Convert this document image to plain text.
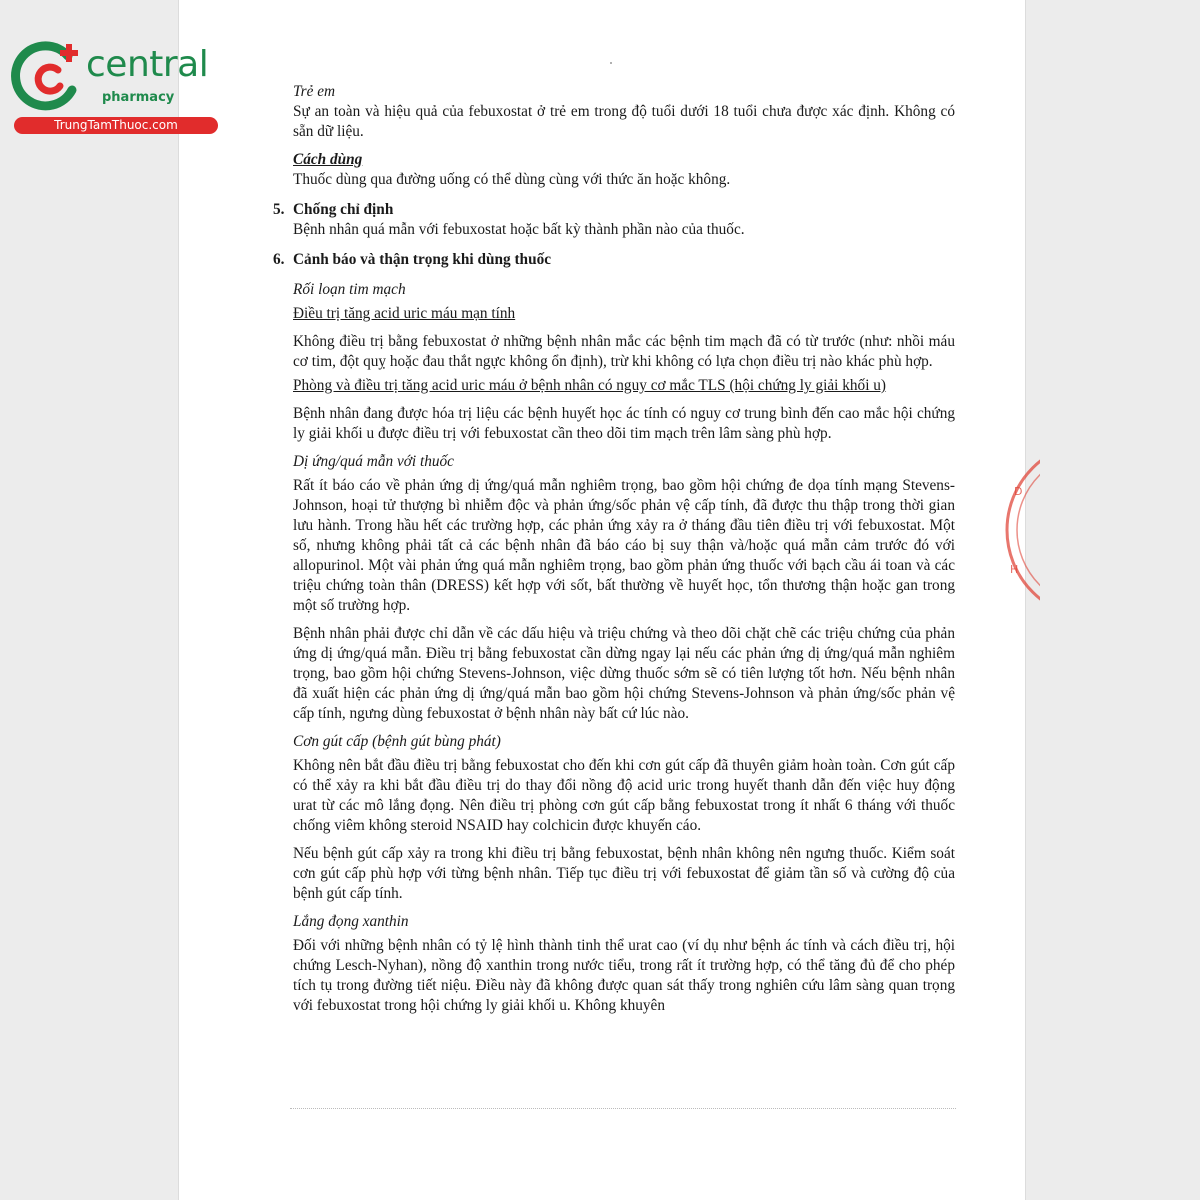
central
pharmacy
TrungTamThuoc.com

Trẻ em

Sự an toàn và hiệu quả của febuxostat ở trẻ em trong độ tuổi dưới 18 tuổi chưa được xác định. Không có sẵn dữ liệu.

Cách dùng

Thuốc dùng qua đường uống có thể dùng cùng với thức ăn hoặc không.

5. Chống chỉ định

Bệnh nhân quá mẫn với febuxostat hoặc bất kỳ thành phần nào của thuốc.

6. Cảnh báo và thận trọng khi dùng thuốc

Rối loạn tim mạch

Điều trị tăng acid uric máu mạn tính

Không điều trị bằng febuxostat ở những bệnh nhân mắc các bệnh tim mạch đã có từ trước (như: nhồi máu cơ tim, đột quỵ hoặc đau thắt ngực không ổn định), trừ khi không có lựa chọn điều trị nào khác phù hợp.

Phòng và điều trị tăng acid uric máu ở bệnh nhân có nguy cơ mắc TLS (hội chứng ly giải khối u)

Bệnh nhân đang được hóa trị liệu các bệnh huyết học ác tính có nguy cơ trung bình đến cao mắc hội chứng ly giải khối u được điều trị với febuxostat cần theo dõi tim mạch trên lâm sàng phù hợp.

Dị ứng/quá mẫn với thuốc

Rất ít báo cáo về phản ứng dị ứng/quá mẫn nghiêm trọng, bao gồm hội chứng đe dọa tính mạng Stevens-Johnson, hoại tử thượng bì nhiễm độc và phản ứng/sốc phản vệ cấp tính, đã được thu thập trong thời gian lưu hành. Trong hầu hết các trường hợp, các phản ứng xảy ra ở tháng đầu tiên điều trị với febuxostat. Một số, nhưng không phải tất cả các bệnh nhân đã báo cáo bị suy thận và/hoặc quá mẫn cảm trước đó với allopurinol. Một vài phản ứng quá mẫn nghiêm trọng, bao gồm phản ứng thuốc với bạch cầu ái toan và các triệu chứng toàn thân (DRESS) kết hợp với sốt, bất thường về huyết học, tổn thương thận hoặc gan trong một số trường hợp.

Bệnh nhân phải được chỉ dẫn về các dấu hiệu và triệu chứng và theo dõi chặt chẽ các triệu chứng của phản ứng dị ứng/quá mẫn. Điều trị bằng febuxostat cần dừng ngay lại nếu các phản ứng dị ứng/quá mẫn nghiêm trọng, bao gồm hội chứng Stevens-Johnson, việc dừng thuốc sớm sẽ có tiên lượng tốt hơn. Nếu bệnh nhân đã xuất hiện các phản ứng dị ứng/quá mẫn bao gồm hội chứng Stevens-Johnson và phản ứng/sốc phản vệ cấp tính, ngưng dùng febuxostat ở bệnh nhân này bất cứ lúc nào.

Cơn gút cấp (bệnh gút bùng phát)

Không nên bắt đầu điều trị bằng febuxostat cho đến khi cơn gút cấp đã thuyên giảm hoàn toàn. Cơn gút cấp có thể xảy ra khi bắt đầu điều trị do thay đổi nồng độ acid uric trong huyết thanh dẫn đến việc huy động urat từ các mô lắng đọng. Nên điều trị phòng cơn gút cấp bằng febuxostat trong ít nhất 6 tháng với thuốc chống viêm không steroid NSAID hay colchicin được khuyến cáo.

Nếu bệnh gút cấp xảy ra trong khi điều trị bằng febuxostat, bệnh nhân không nên ngưng thuốc. Kiểm soát cơn gút cấp phù hợp với từng bệnh nhân. Tiếp tục điều trị với febuxostat để giảm tần số và cường độ của bệnh gút cấp tính.

Lắng đọng xanthin

Đối với những bệnh nhân có tỷ lệ hình thành tinh thể urat cao (ví dụ như bệnh ác tính và cách điều trị, hội chứng Lesch-Nyhan), nồng độ xanthin trong nước tiểu, trong rất ít trường hợp, có thể tăng đủ để cho phép tích tụ trong đường tiết niệu. Điều này đã không được quan sát thấy trong nghiên cứu lâm sàng quan trọng với febuxostat trong hội chứng ly giải khối u. Không khuyên

D
H
